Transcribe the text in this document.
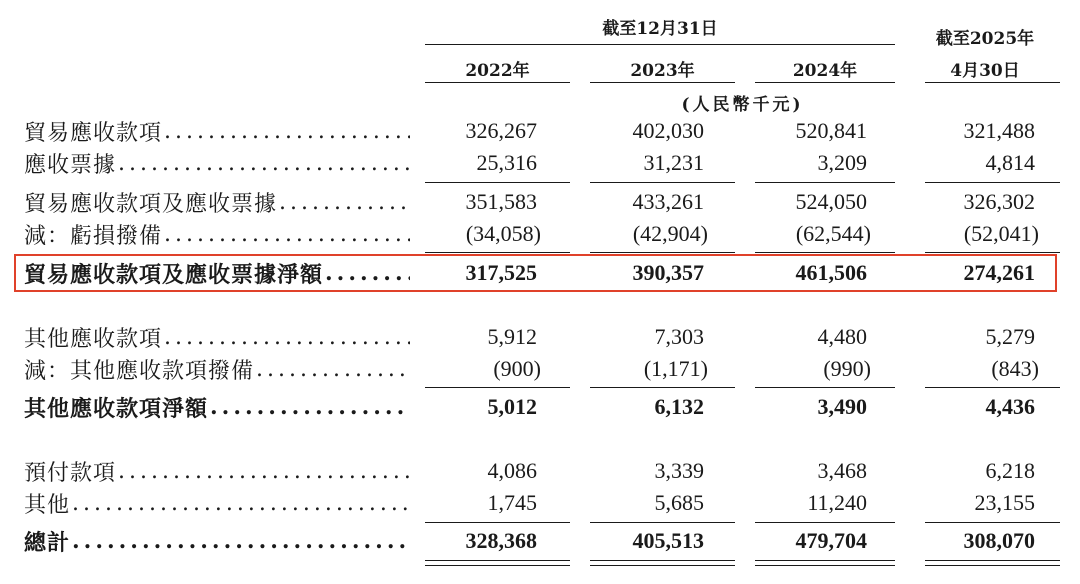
截至12月31日	截至2025年
2022年	2023年	2024年	4月30日
(人民幣千元)
貿易應收款項 .....	326,267	402,030	520,841	321,488
應收票據 .....	25,316	31,231	3,209	4,814
貿易應收款項及應收票據 .....	351,583	433,261	524,050	326,302
減：虧損撥備 .....	(34,058)	(42,904)	(62,544)	(52,041)
貿易應收款項及應收票據淨額 .....	317,525	390,357	461,506	274,261
其他應收款項 .....	5,912	7,303	4,480	5,279
減：其他應收款項撥備 .....	(900)	(1,171)	(990)	(843)
其他應收款項淨額 .....	5,012	6,132	3,490	4,436
預付款項 .....	4,086	3,339	3,468	6,218
其他 .....	1,745	5,685	11,240	23,155
總計 .....	328,368	405,513	479,704	308,070
